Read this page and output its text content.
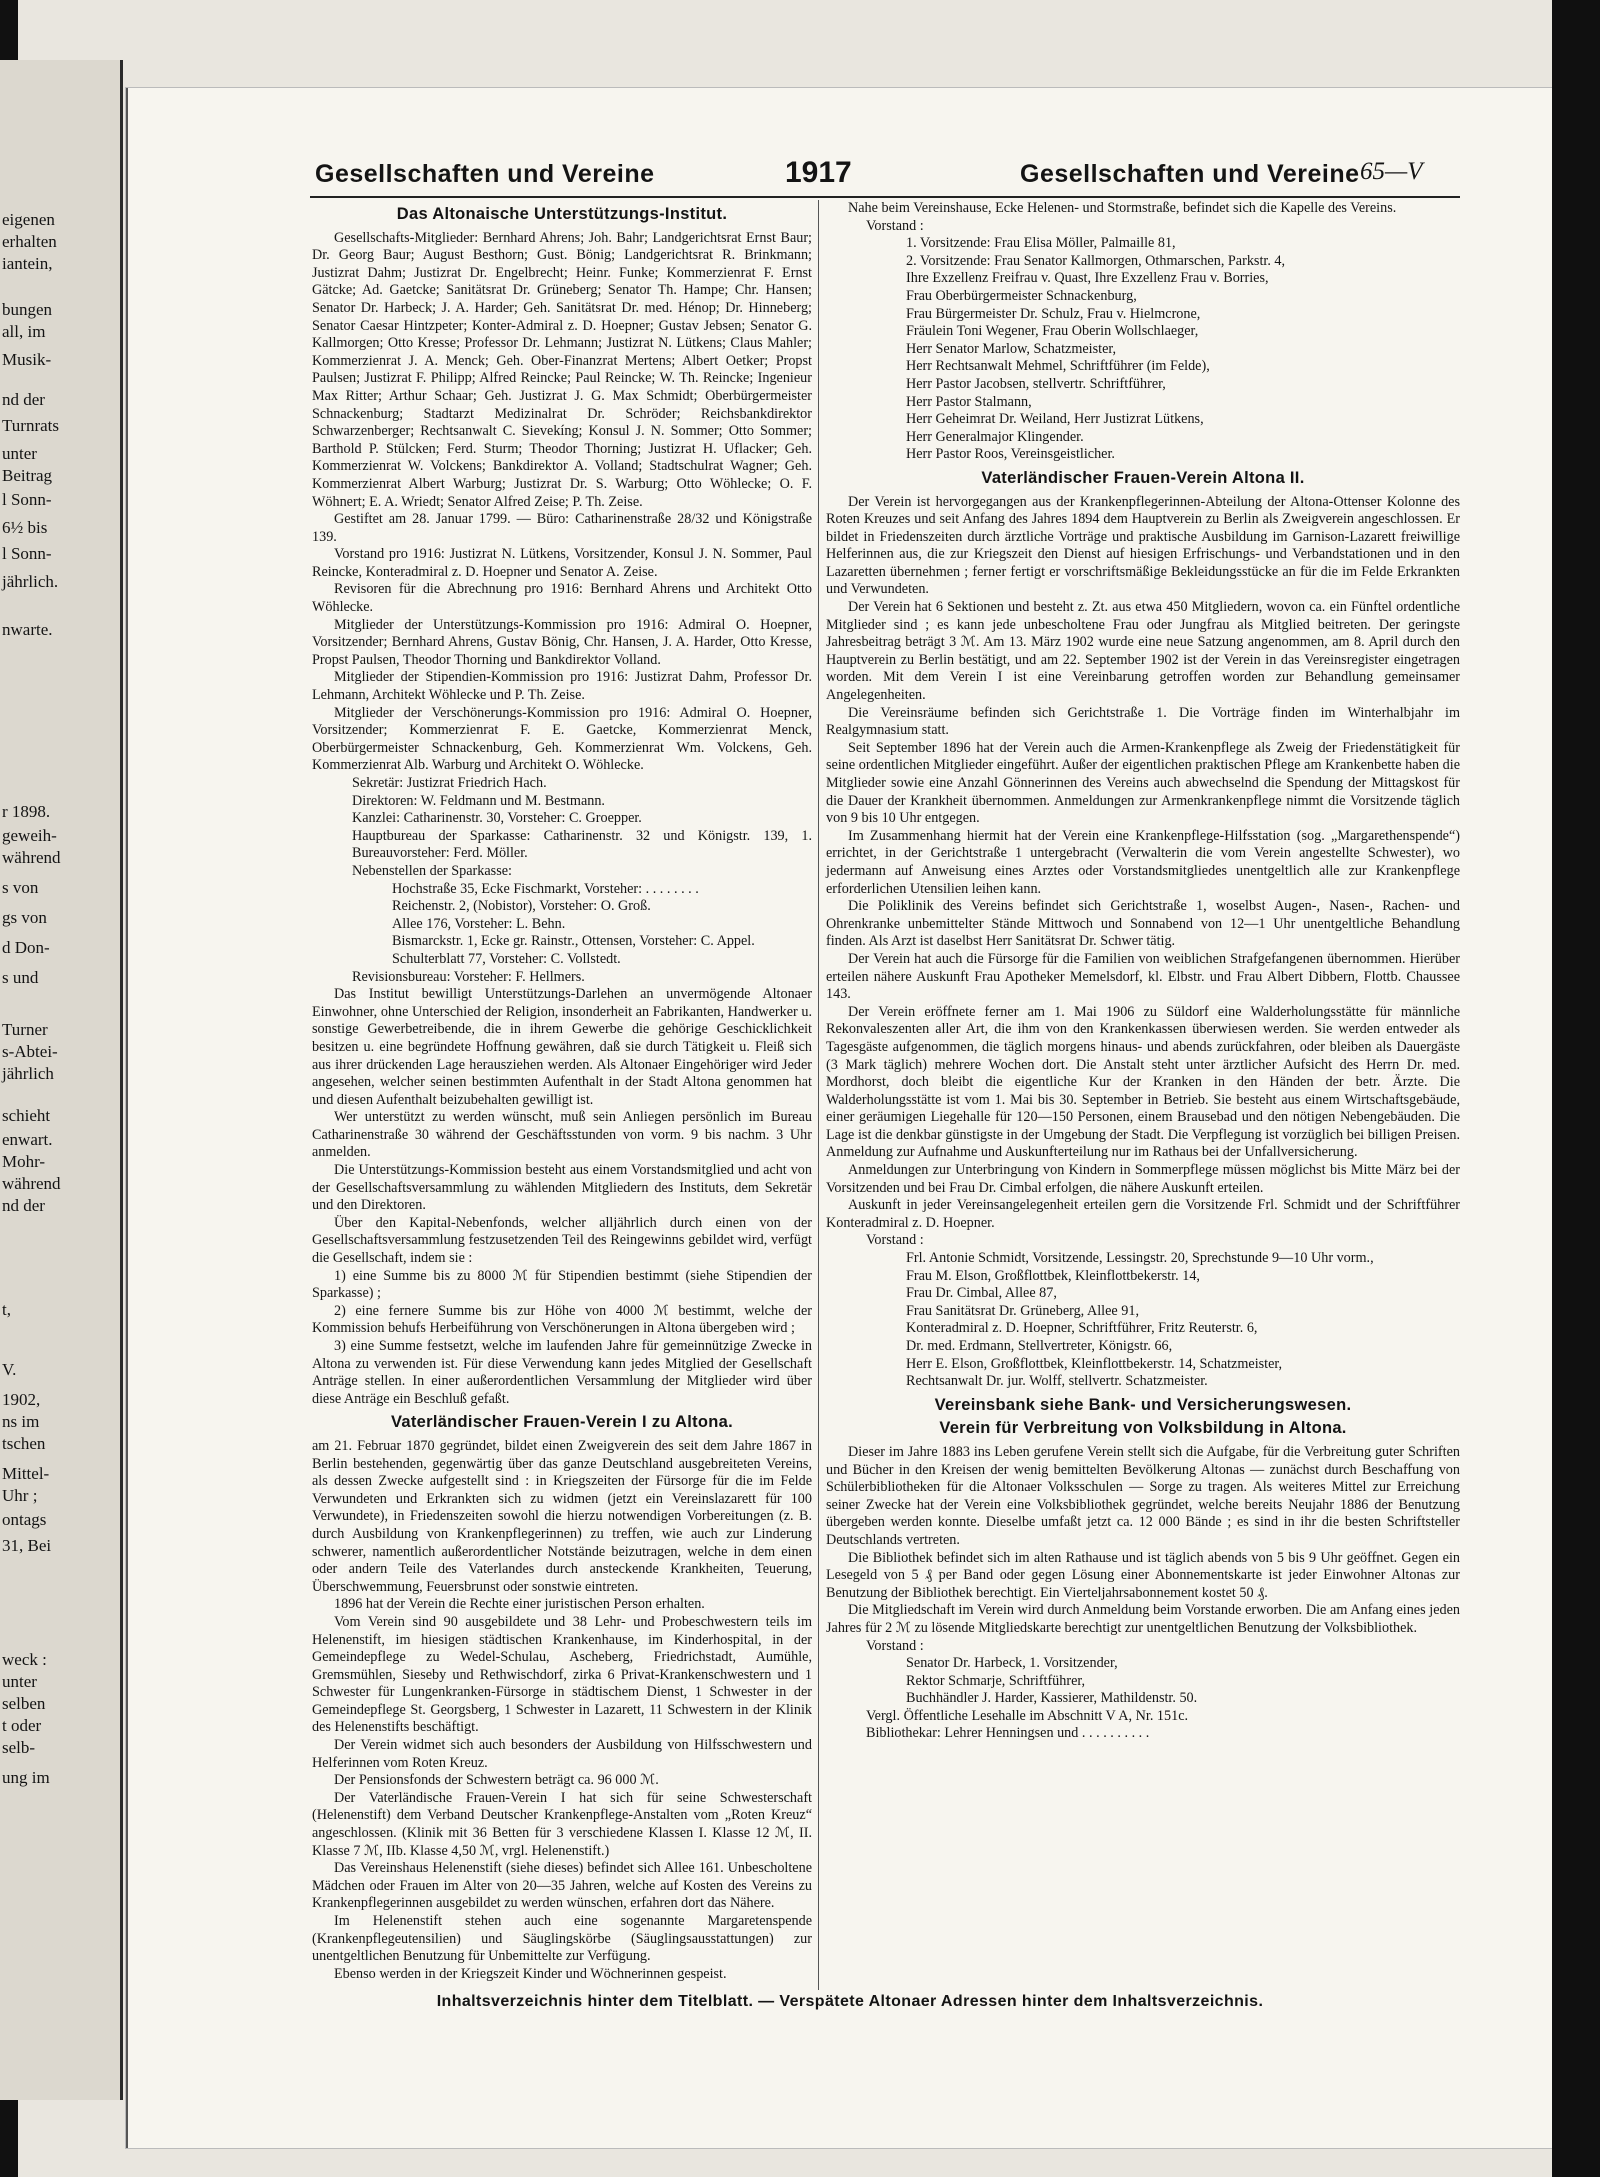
eigenen
erhalten
iantein,
bungen
all, im
Musik-
nd der
Turnrats
unter
Beitrag
l Sonn-
6½ bis
l Sonn-
jährlich.
nwarte.
r 1898.
geweih-
während
s von
gs von
d Don-
s und
Turner
s-Abtei-
jährlich
schieht
enwart.
Mohr-
während
nd der
t,
V.
1902,
ns im
tschen
Mittel-
Uhr ;
ontags
31, Bei
weck :
unter
selben
t oder
selb-
ung im
Gesellschaften und Vereine	1917	Gesellschaften und Vereine 65—V
Das Altonaische Unterstützungs-Institut.

Gesellschafts-Mitglieder: Bernhard Ahrens; Joh. Bahr; Landgerichtsrat Ernst Baur; Dr. Georg Baur; August Besthorn; Gust. Bönig; Landgerichtsrat R. Brinkmann; Justizrat Dahm; Justizrat Dr. Engelbrecht; Heinr. Funke; Kommerzienrat F. Ernst Gätcke; Ad. Gaetcke; Sanitätsrat Dr. Grüneberg; Senator Th. Hampe; Chr. Hansen; Senator Dr. Harbeck; J. A. Harder; Geh. Sanitätsrat Dr. med. Hénop; Dr. Hinneberg; Senator Caesar Hintzpeter; Konter-Admiral z. D. Hoepner; Gustav Jebsen; Senator G. Kallmorgen; Otto Kresse; Professor Dr. Lehmann; Justizrat N. Lütkens; Claus Mahler; Kommerzienrat J. A. Menck; Geh. Ober-Finanzrat Mertens; Albert Oetker; Propst Paulsen; Justizrat F. Philipp; Alfred Reincke; Paul Reincke; W. Th. Reincke; Ingenieur Max Ritter; Arthur Schaar; Geh. Justizrat J. G. Max Schmidt; Oberbürgermeister Schnackenburg; Stadtarzt Medizinalrat Dr. Schröder; Reichsbankdirektor Schwarzenberger; Rechtsanwalt C. Sievekíng; Konsul J. N. Sommer; Otto Sommer; Barthold P. Stülcken; Ferd. Sturm; Theodor Thorning; Justizrat H. Uflacker; Geh. Kommerzienrat W. Volckens; Bankdirektor A. Volland; Stadtschulrat Wagner; Geh. Kommerzienrat Albert Warburg; Justizrat Dr. S. Warburg; Otto Wöhlecke; O. F. Wöhnert; E. A. Wriedt; Senator Alfred Zeise; P. Th. Zeise.

Gestiftet am 28. Januar 1799. — Büro: Catharinenstraße 28/32 und Königstraße 139.

Vorstand pro 1916: Justizrat N. Lütkens, Vorsitzender, Konsul J. N. Sommer, Paul Reincke, Konteradmiral z. D. Hoepner und Senator A. Zeise.

Revisoren für die Abrechnung pro 1916: Bernhard Ahrens und Architekt Otto Wöhlecke.

Mitglieder der Unterstützungs-Kommission pro 1916: Admiral O. Hoepner, Vorsitzender; Bernhard Ahrens, Gustav Bönig, Chr. Hansen, J. A. Harder, Otto Kresse, Propst Paulsen, Theodor Thorning und Bankdirektor Volland.

Mitglieder der Stipendien-Kommission pro 1916: Justizrat Dahm, Professor Dr. Lehmann, Architekt Wöhlecke und P. Th. Zeise.

Mitglieder der Verschönerungs-Kommission pro 1916: Admiral O. Hoepner, Vorsitzender; Kommerzienrat F. E. Gaetcke, Kommerzienrat Menck, Oberbürgermeister Schnackenburg, Geh. Kommerzienrat Wm. Volckens, Geh. Kommerzienrat Alb. Warburg und Architekt O. Wöhlecke.

Sekretär: Justizrat Friedrich Hach.

Direktoren: W. Feldmann und M. Bestmann.

Kanzlei: Catharinenstr. 30, Vorsteher: C. Groepper.

Hauptbureau der Sparkasse: Catharinenstr. 32 und Königstr. 139, 1. Bureauvorsteher: Ferd. Möller.

Nebenstellen der Sparkasse:

Hochstraße 35, Ecke Fischmarkt, Vorsteher: . . . . . . . .

Reichenstr. 2, (Nobistor), Vorsteher: O. Groß.

Allee 176, Vorsteher: L. Behn.

Bismarckstr. 1, Ecke gr. Rainstr., Ottensen, Vorsteher: C. Appel.

Schulterblatt 77, Vorsteher: C. Vollstedt.

Revisionsbureau: Vorsteher: F. Hellmers.

Das Institut bewilligt Unterstützungs-Darlehen an unvermögende Altonaer Einwohner, ohne Unterschied der Religion, insonderheit an Fabrikanten, Handwerker u. sonstige Gewerbetreibende, die in ihrem Gewerbe die gehörige Geschicklichkeit besitzen u. eine begründete Hoffnung gewähren, daß sie durch Tätigkeit u. Fleiß sich aus ihrer drückenden Lage herausziehen werden. Als Altonaer Eingehöriger wird Jeder angesehen, welcher seinen bestimmten Aufenthalt in der Stadt Altona genommen hat und diesen Aufenthalt beizubehalten gewilligt ist.

Wer unterstützt zu werden wünscht, muß sein Anliegen persönlich im Bureau Catharinenstraße 30 während der Geschäftsstunden von vorm. 9 bis nachm. 3 Uhr anmelden.

Die Unterstützungs-Kommission besteht aus einem Vorstandsmitglied und acht von der Gesellschaftsversammlung zu wählenden Mitgliedern des Instituts, dem Sekretär und den Direktoren.

Über den Kapital-Nebenfonds, welcher alljährlich durch einen von der Gesellschaftsversammlung festzusetzenden Teil des Reingewinns gebildet wird, verfügt die Gesellschaft, indem sie :

1) eine Summe bis zu 8000 ℳ für Stipendien bestimmt (siehe Stipendien der Sparkasse) ;

2) eine fernere Summe bis zur Höhe von 4000 ℳ bestimmt, welche der Kommission behufs Herbeiführung von Verschönerungen in Altona übergeben wird ;

3) eine Summe festsetzt, welche im laufenden Jahre für gemeinnützige Zwecke in Altona zu verwenden ist. Für diese Verwendung kann jedes Mitglied der Gesellschaft Anträge stellen. In einer außerordentlichen Versammlung der Mitglieder wird über diese Anträge ein Beschluß gefaßt.

Vaterländischer Frauen-Verein I zu Altona.

am 21. Februar 1870 gegründet, bildet einen Zweigverein des seit dem Jahre 1867 in Berlin bestehenden, gegenwärtig über das ganze Deutschland ausgebreiteten Vereins, als dessen Zwecke aufgestellt sind : in Kriegszeiten der Fürsorge für die im Felde Verwundeten und Erkrankten sich zu widmen (jetzt ein Vereinslazarett für 100 Verwundete), in Friedenszeiten sowohl die hierzu notwendigen Vorbereitungen (z. B. durch Ausbildung von Krankenpflegerinnen) zu treffen, wie auch zur Linderung schwerer, namentlich außerordentlicher Notstände beizutragen, welche in dem einen oder andern Teile des Vaterlandes durch ansteckende Krankheiten, Teuerung, Überschwemmung, Feuersbrunst oder sonstwie eintreten.

1896 hat der Verein die Rechte einer juristischen Person erhalten.

Vom Verein sind 90 ausgebildete und 38 Lehr- und Probeschwestern teils im Helenenstift, im hiesigen städtischen Krankenhause, im Kinderhospital, in der Gemeindepflege zu Wedel-Schulau, Ascheberg, Friedrichstadt, Aumühle, Gremsmühlen, Sieseby und Rethwischdorf, zirka 6 Privat-Krankenschwestern und 1 Schwester für Lungenkranken-Fürsorge in städtischem Dienst, 1 Schwester in der Gemeindepflege St. Georgsberg, 1 Schwester in Lazarett, 11 Schwestern in der Klinik des Helenenstifts beschäftigt.

Der Verein widmet sich auch besonders der Ausbildung von Hilfsschwestern und Helferinnen vom Roten Kreuz.

Der Pensionsfonds der Schwestern beträgt ca. 96 000 ℳ.

Der Vaterländische Frauen-Verein I hat sich für seine Schwesterschaft (Helenenstift) dem Verband Deutscher Krankenpflege-Anstalten vom „Roten Kreuz“ angeschlossen. (Klinik mit 36 Betten für 3 verschiedene Klassen I. Klasse 12 ℳ, II. Klasse 7 ℳ, IIb. Klasse 4,50 ℳ, vrgl. Helenenstift.)

Das Vereinshaus Helenenstift (siehe dieses) befindet sich Allee 161. Unbescholtene Mädchen oder Frauen im Alter von 20—35 Jahren, welche auf Kosten des Vereins zu Krankenpflegerinnen ausgebildet zu werden wünschen, erfahren dort das Nähere.

Im Helenenstift stehen auch eine sogenannte Margaretenspende (Krankenpflegeutensilien) und Säuglingskörbe (Säuglingsausstattungen) zur unentgeltlichen Benutzung für Unbemittelte zur Verfügung.

Ebenso werden in der Kriegszeit Kinder und Wöchnerinnen gespeist.

Nahe beim Vereinshause, Ecke Helenen- und Stormstraße, befindet sich die Kapelle des Vereins.

Vorstand :

1. Vorsitzende: Frau Elisa Möller, Palmaille 81,

2. Vorsitzende: Frau Senator Kallmorgen, Othmarschen, Parkstr. 4,

Ihre Exzellenz Freifrau v. Quast, Ihre Exzellenz Frau v. Borries,

Frau Oberbürgermeister Schnackenburg,

Frau Bürgermeister Dr. Schulz, Frau v. Hielmcrone,

Fräulein Toni Wegener, Frau Oberin Wollschlaeger,

Herr Senator Marlow, Schatzmeister,

Herr Rechtsanwalt Mehmel, Schriftführer (im Felde),

Herr Pastor Jacobsen, stellvertr. Schriftführer,

Herr Pastor Stalmann,

Herr Geheimrat Dr. Weiland, Herr Justizrat Lütkens,

Herr Generalmajor Klingender.

Herr Pastor Roos, Vereinsgeistlicher.

Vaterländischer Frauen-Verein Altona II.

Der Verein ist hervorgegangen aus der Krankenpflegerinnen-Abteilung der Altona-Ottenser Kolonne des Roten Kreuzes und seit Anfang des Jahres 1894 dem Hauptverein zu Berlin als Zweigverein angeschlossen. Er bildet in Friedenszeiten durch ärztliche Vorträge und praktische Ausbildung im Garnison-Lazarett freiwillige Helferinnen aus, die zur Kriegszeit den Dienst auf hiesigen Erfrischungs- und Verbandstationen und in den Lazaretten übernehmen ; ferner fertigt er vorschriftsmäßige Bekleidungsstücke an für die im Felde Erkrankten und Verwundeten.

Der Verein hat 6 Sektionen und besteht z. Zt. aus etwa 450 Mitgliedern, wovon ca. ein Fünftel ordentliche Mitglieder sind ; es kann jede unbescholtene Frau oder Jungfrau als Mitglied beitreten. Der geringste Jahresbeitrag beträgt 3 ℳ. Am 13. März 1902 wurde eine neue Satzung angenommen, am 8. April durch den Hauptverein zu Berlin bestätigt, und am 22. September 1902 ist der Verein in das Vereinsregister eingetragen worden. Mit dem Verein I ist eine Vereinbarung getroffen worden zur Behandlung gemeinsamer Angelegenheiten.

Die Vereinsräume befinden sich Gerichtstraße 1. Die Vorträge finden im Winterhalbjahr im Realgymnasium statt.

Seit September 1896 hat der Verein auch die Armen-Krankenpflege als Zweig der Friedenstätigkeit für seine ordentlichen Mitglieder eingeführt. Außer der eigentlichen praktischen Pflege am Krankenbette haben die Mitglieder sowie eine Anzahl Gönnerinnen des Vereins auch abwechselnd die Spendung der Mittagskost für die Dauer der Krankheit übernommen. Anmeldungen zur Armenkrankenpflege nimmt die Vorsitzende täglich von 9 bis 10 Uhr entgegen.

Im Zusammenhang hiermit hat der Verein eine Krankenpflege-Hilfsstation (sog. „Margarethenspende“) errichtet, in der Gerichtstraße 1 untergebracht (Verwalterin die vom Verein angestellte Schwester), wo jedermann auf Anweisung eines Arztes oder Vorstandsmitgliedes unentgeltlich alle zur Krankenpflege erforderlichen Utensilien leihen kann.

Die Poliklinik des Vereins befindet sich Gerichtstraße 1, woselbst Augen-, Nasen-, Rachen- und Ohrenkranke unbemittelter Stände Mittwoch und Sonnabend von 12—1 Uhr unentgeltliche Behandlung finden. Als Arzt ist daselbst Herr Sanitätsrat Dr. Schwer tätig.

Der Verein hat auch die Fürsorge für die Familien von weiblichen Strafgefangenen übernommen. Hierüber erteilen nähere Auskunft Frau Apotheker Memelsdorf, kl. Elbstr. und Frau Albert Dibbern, Flottb. Chaussee 143.

Der Verein eröffnete ferner am 1. Mai 1906 zu Süldorf eine Walderholungsstätte für männliche Rekonvaleszenten aller Art, die ihm von den Krankenkassen überwiesen werden. Sie werden entweder als Tagesgäste aufgenommen, die täglich morgens hinaus- und abends zurückfahren, oder bleiben als Dauergäste (3 Mark täglich) mehrere Wochen dort. Die Anstalt steht unter ärztlicher Aufsicht des Herrn Dr. med. Mordhorst, doch bleibt die eigentliche Kur der Kranken in den Händen der betr. Ärzte. Die Walderholungsstätte ist vom 1. Mai bis 30. September in Betrieb. Sie besteht aus einem Wirtschaftsgebäude, einer geräumigen Liegehalle für 120—150 Personen, einem Brausebad und den nötigen Nebengebäuden. Die Lage ist die denkbar günstigste in der Umgebung der Stadt. Die Verpflegung ist vorzüglich bei billigen Preisen. Anmeldung zur Aufnahme und Auskunfterteilung nur im Rathaus bei der Unfallversicherung.

Anmeldungen zur Unterbringung von Kindern in Sommerpflege müssen möglichst bis Mitte März bei der Vorsitzenden und bei Frau Dr. Cimbal erfolgen, die nähere Auskunft erteilen.

Auskunft in jeder Vereinsangelegenheit erteilen gern die Vorsitzende Frl. Schmidt und der Schriftführer Konteradmiral z. D. Hoepner.

Vorstand :

Frl. Antonie Schmidt, Vorsitzende, Lessingstr. 20, Sprechstunde 9—10 Uhr vorm.,

Frau M. Elson, Großflottbek, Kleinflottbekerstr. 14,

Frau Dr. Cimbal, Allee 87,

Frau Sanitätsrat Dr. Grüneberg, Allee 91,

Konteradmiral z. D. Hoepner, Schriftführer, Fritz Reuterstr. 6,

Dr. med. Erdmann, Stellvertreter, Königstr. 66,

Herr E. Elson, Großflottbek, Kleinflottbekerstr. 14, Schatzmeister,

Rechtsanwalt Dr. jur. Wolff, stellvertr. Schatzmeister.

Vereinsbank siehe Bank- und Versicherungswesen.
Verein für Verbreitung von Volksbildung in Altona.

Dieser im Jahre 1883 ins Leben gerufene Verein stellt sich die Aufgabe, für die Verbreitung guter Schriften und Bücher in den Kreisen der wenig bemittelten Bevölkerung Altonas — zunächst durch Beschaffung von Schülerbibliotheken für die Altonaer Volksschulen — Sorge zu tragen. Als weiteres Mittel zur Erreichung seiner Zwecke hat der Verein eine Volksbibliothek gegründet, welche bereits Neujahr 1886 der Benutzung übergeben werden konnte. Dieselbe umfaßt jetzt ca. 12 000 Bände ; es sind in ihr die besten Schriftsteller Deutschlands vertreten.

Die Bibliothek befindet sich im alten Rathause und ist täglich abends von 5 bis 9 Uhr geöffnet. Gegen ein Lesegeld von 5 ₰ per Band oder gegen Lösung einer Abonnementskarte ist jeder Einwohner Altonas zur Benutzung der Bibliothek berechtigt. Ein Vierteljahrsabonnement kostet 50 ₰.

Die Mitgliedschaft im Verein wird durch Anmeldung beim Vorstande erworben. Die am Anfang eines jeden Jahres für 2 ℳ zu lösende Mitgliedskarte berechtigt zur unentgeltlichen Benutzung der Volksbibliothek.

Vorstand :

Senator Dr. Harbeck, 1. Vorsitzender,

Rektor Schmarje, Schriftführer,

Buchhändler J. Harder, Kassierer, Mathildenstr. 50.

Vergl. Öffentliche Lesehalle im Abschnitt V A, Nr. 151c.

Bibliothekar: Lehrer Henningsen und . . . . . . . . . .

Inhaltsverzeichnis hinter dem Titelblatt. — Verspätete Altonaer Adressen hinter dem Inhaltsverzeichnis.
